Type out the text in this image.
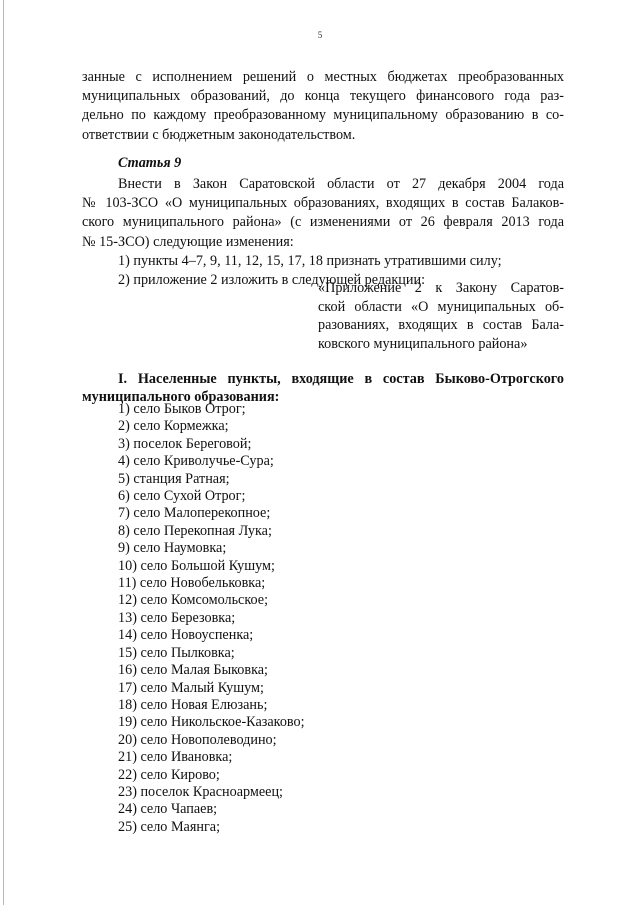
5

занные с исполнением решений о местных бюджетах преобразованных

муниципальных образований, до конца текущего финансового года раз-

дельно по каждому преобразованному муниципальному образованию в со-

ответствии с бюджетным законодательством.

Статья 9

Внести в Закон Саратовской области от 27 декабря 2004 года

№ 103-ЗСО «О муниципальных образованиях, входящих в состав Балаков-

ского муниципального района» (с изменениями от 26 февраля 2013 года

№ 15-ЗСО) следующие изменения:

1) пункты 4–7, 9, 11, 12, 15, 17, 18 признать утратившими силу;

2) приложение 2 изложить в следующей редакции:

«Приложение 2 к Закону Саратов-

ской области «О муниципальных об-

разованиях, входящих в состав Бала-

ковского муниципального района»

I. Населенные пункты, входящие в состав Быково-Отрогского

муниципального образования:

1) село Быков Отрог;
2) село Кормежка;
3) поселок Береговой;
4) село Криволучье-Сура;
5) станция Ратная;
6) село Сухой Отрог;
7) село Малоперекопное;
8) село Перекопная Лука;
9) село Наумовка;
10) село Большой Кушум;
11) село Новобельковка;
12) село Комсомольское;
13) село Березовка;
14) село Новоуспенка;
15) село Пылковка;
16) село Малая Быковка;
17) село Малый Кушум;
18) село Новая Елюзань;
19) село Никольское-Казаково;
20) село Новополеводино;
21) село Ивановка;
22) село Кирово;
23) поселок Красноармеец;
24) село Чапаев;
25) село Маянга;
